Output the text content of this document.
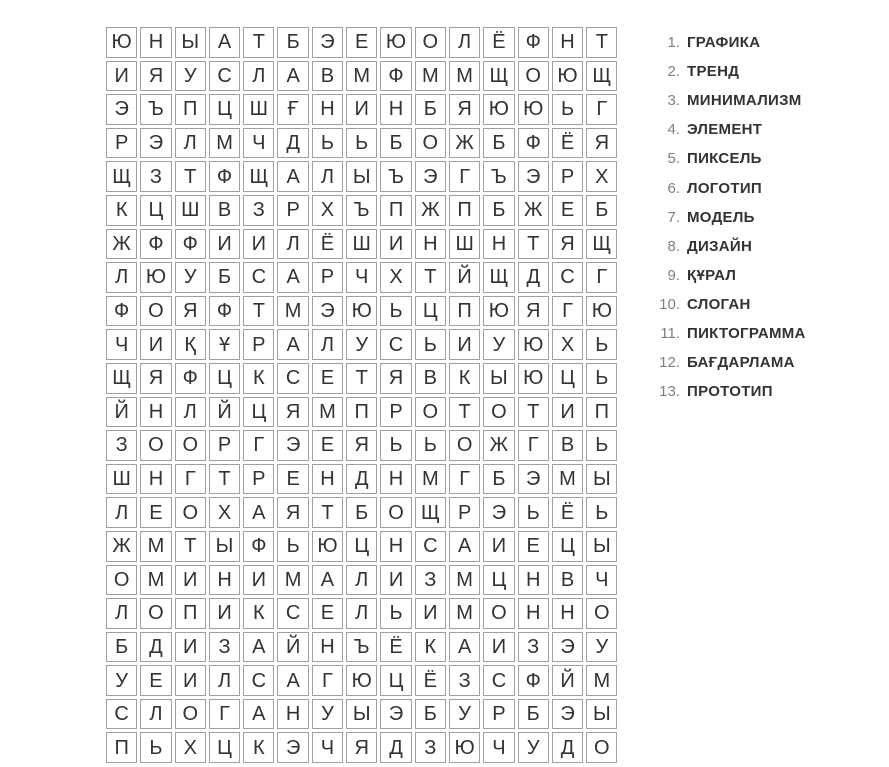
Ю Н Ы А	Т	Б	Э	Е Ю О Л	Ё	Ф Н	Т
И Я	У	С	Л	А	В М Ф М М Щ О Ю Щ
Э Ъ П Ц Ш Ғ	Н И Н	Б	Я Ю Ю Ь	Г
Р	Э	Л М Ч	Д	Ь	Ь	Б О Ж Б	Ф	Ё	Я
Щ З	Т	Ф Щ А	Л Ы Ъ Э	Г	Ъ Э	Р	Х
К	Ц Ш В	З	Р	Х Ъ П Ж П	Б Ж Е	Б
Ж Ф Ф И И	Л	Ё Ш И Н Ш Н	Т	Я Щ
Л Ю У	Б	С	А	Р	Ч	Х	Т	Й Щ Д	С	Г
Ф О Я Ф	Т М Э Ю Ь	Ц П Ю Я	Г Ю
Ч	И	Қ	Ұ	Р	А	Л	У	С	Ь	И	У Ю Х	Ь
Щ Я Ф Ц	К	С	Е	Т	Я	В	К Ы Ю Ц	Ь
Й Н	Л	Й Ц Я М П	Р О	Т	О	Т	И П
З	О О Р	Г	Э	Е	Я	Ь	Ь О Ж Г	В	Ь
Ш Н	Г	Т	Р	Е	Н	Д	Н М	Г	Б	Э М Ы
Л	Е О Х	А	Я	Т	Б О Щ Р	Э	Ь	Ё	Ь
Ж М Т Ы Ф	Ь Ю Ц Н С	А	И	Е	Ц Ы
О М И Н И М А	Л	И	З М Ц Н	В	Ч
Л О П И	К	С	Е	Л	Ь	И М О Н Н О
Б	Д	И	З	А	Й Н Ъ Ё	К	А	И	З	Э	У
У	Е	И	Л	С	А	Г Ю Ц	Ё	З	С Ф Й М
С	Л О	Г	А	Н	У Ы Э	Б	У	Р	Б	Э Ы
П	Ь	Х	Ц	К	Э	Ч	Я	Д	З Ю Ч	У	Д О
1. ГРАФИКА
2. ТРЕНД
3. МИНИМАЛИЗМ
4. ЭЛЕМЕНТ
5. ПИКСЕЛЬ
6. ЛОГОТИП
7. МОДЕЛЬ
8. ДИЗАЙН
9. ҚҰРАЛ
10. СЛОГАН
11. ПИКТОГРАММА
12. БАҒДАРЛАМА
13. ПРОТОТИП
